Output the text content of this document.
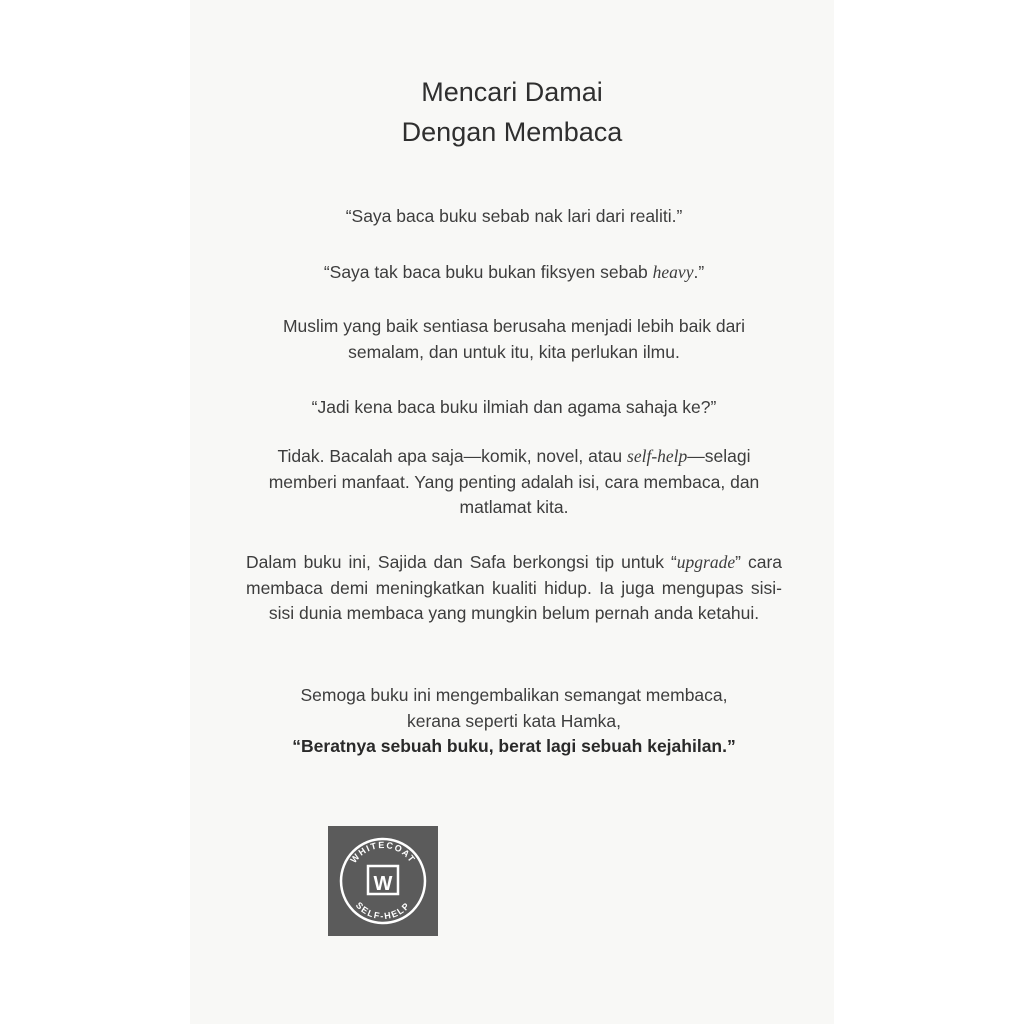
Mencari Damai
Dengan Membaca

“Saya baca buku sebab nak lari dari realiti.”

“Saya tak baca buku bukan fiksyen sebab heavy.”

Muslim yang baik sentiasa berusaha menjadi lebih baik dari semalam, dan untuk itu, kita perlukan ilmu.

“Jadi kena baca buku ilmiah dan agama sahaja ke?”

Tidak. Bacalah apa saja—komik, novel, atau self-help—selagi memberi manfaat. Yang penting adalah isi, cara membaca, dan matlamat kita.

Dalam buku ini, Sajida dan Safa berkongsi tip untuk “upgrade” cara membaca demi meningkatkan kualiti hidup. Ia juga mengupas sisi-sisi dunia membaca yang mungkin belum pernah anda ketahui.

Semoga buku ini mengembalikan semangat membaca,
kerana seperti kata Hamka,
“Beratnya sebuah buku, berat lagi sebuah kejahilan.”

WHITECOAT
SELF-HELP
W
